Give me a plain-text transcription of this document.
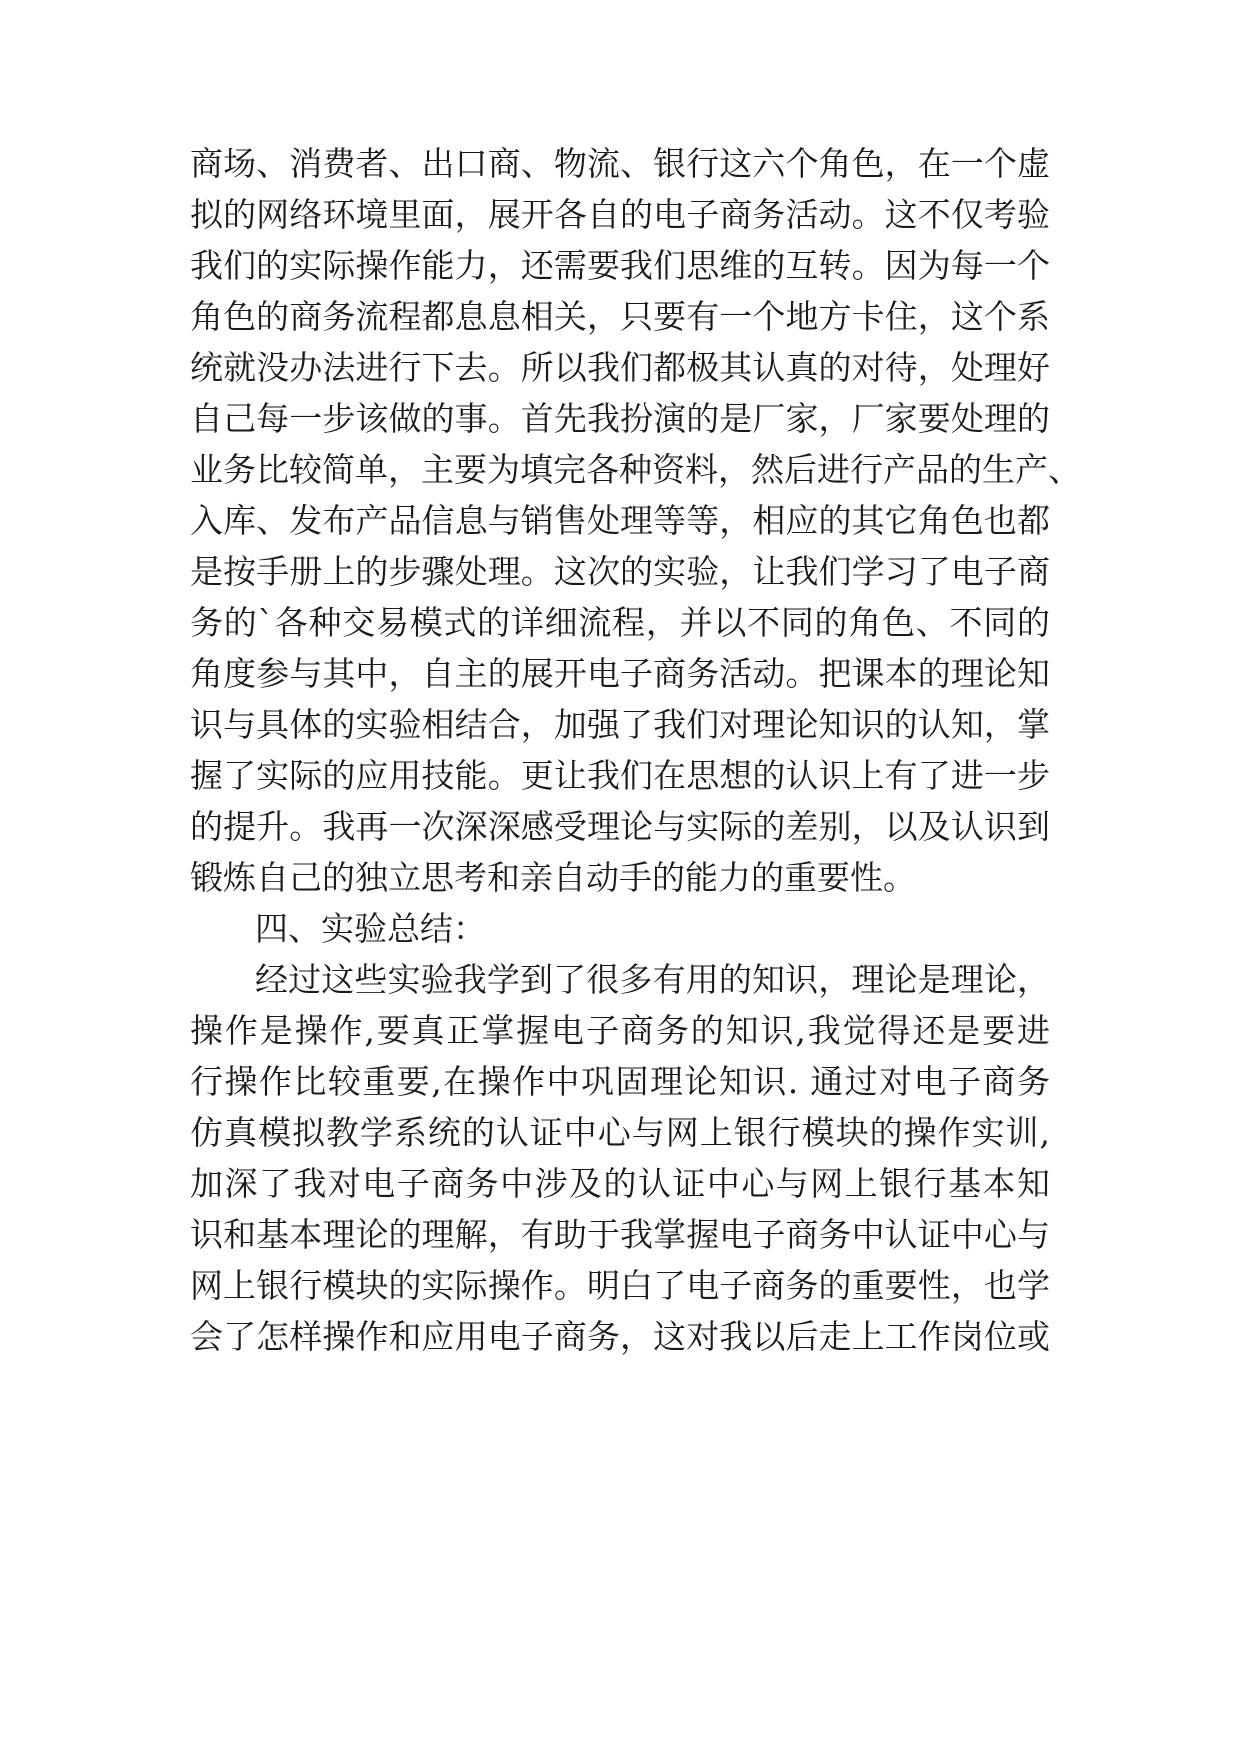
商场、消费者、出口商、物流、银行这六个角色，在一个虚
拟的网络环境里面，展开各自的电子商务活动。这不仅考验
我们的实际操作能力，还需要我们思维的互转。因为每一个
角色的商务流程都息息相关，只要有一个地方卡住，这个系
统就没办法进行下去。所以我们都极其认真的对待，处理好
自己每一步该做的事。首先我扮演的是厂家，厂家要处理的
业务比较简单，主要为填完各种资料，然后进行产品的生产、
入库、发布产品信息与销售处理等等，相应的其它角色也都
是按手册上的步骤处理。这次的实验，让我们学习了电子商
务的`各种交易模式的详细流程，并以不同的角色、不同的
角度参与其中，自主的展开电子商务活动。把课本的理论知
识与具体的实验相结合，加强了我们对理论知识的认知，掌
握了实际的应用技能。更让我们在思想的认识上有了进一步
的提升。我再一次深深感受理论与实际的差别，以及认识到
锻炼自己的独立思考和亲自动手的能力的重要性。
四、实验总结：
经过这些实验我学到了很多有用的知识，理论是理论，
操作是操作,要真正掌握电子商务的知识,我觉得还是要进
行操作比较重要,在操作中巩固理论知识. 通过对电子商务
仿真模拟教学系统的认证中心与网上银行模块的操作实训,
加深了我对电子商务中涉及的认证中心与网上银行基本知
识和基本理论的理解，有助于我掌握电子商务中认证中心与
网上银行模块的实际操作。明白了电子商务的重要性，也学
会了怎样操作和应用电子商务，这对我以后走上工作岗位或
